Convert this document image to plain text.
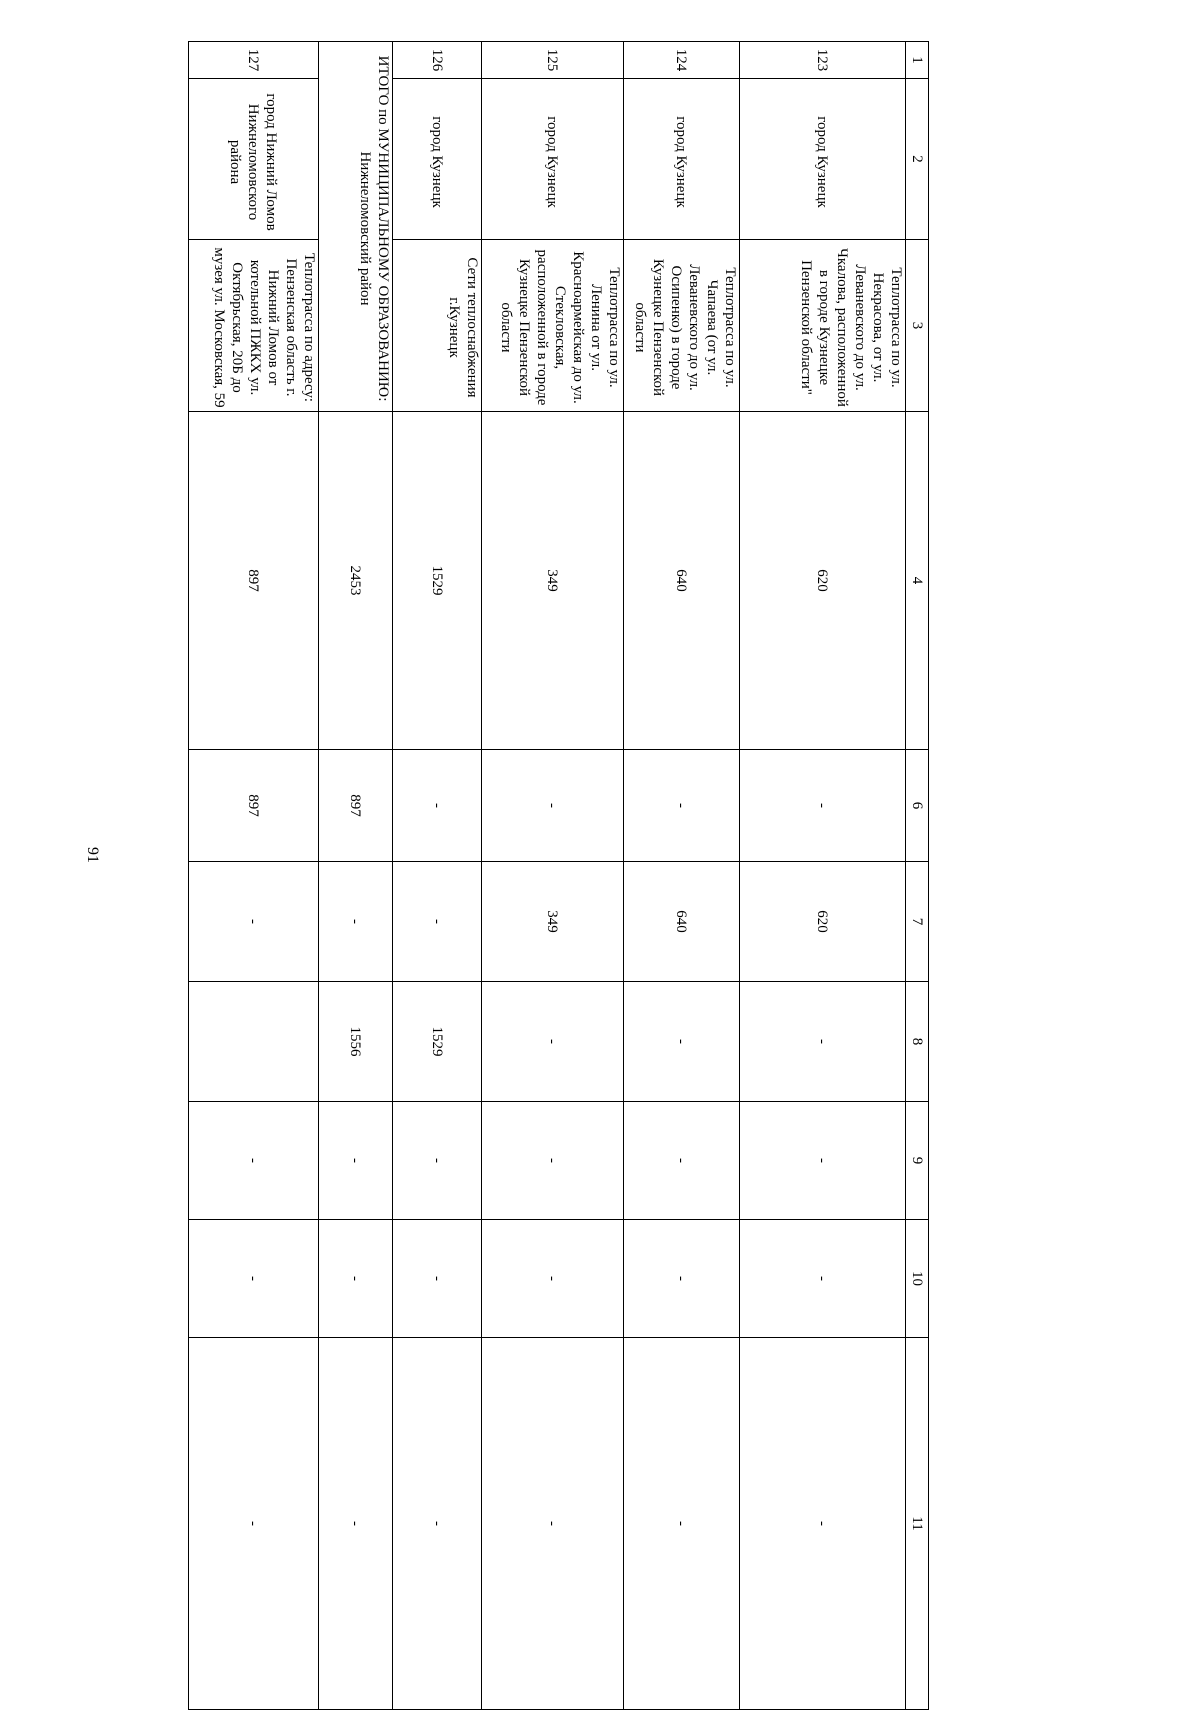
91
1	2	3	4	6	7	8	9	10	11
123	город Кузнецк	Теплотрасса по ул. Некрасова, от ул. Леваневского до ул. Чкалова, расположенной в городе Кузнецке Пензенской области"	620	-	620	-	-	-	-
124	город Кузнецк	Теплотрасса по ул. Чапаева (от ул. Леваневского до ул. Осипенко) в городе Кузнецке Пензенской области	640	-	640	-	-	-	-
125	город Кузнецк	Теплотрасса по ул. Ленина от ул. Красноармейская до ул. Стекловская, расположенной в городе Кузнецке Пензенской области	349	-	349	-	-	-	-
126	город Кузнецк	Сети теплоснабжения г.Кузнецк	1529	-	-	1529	-	-	-
ИТОГО по МУНИЦИПАЛЬНОМУ ОБРАЗОВАНИЮ: Нижнеломовский район			2453	897	-	1556	-	-	-
127	город Нижний Ломов Нижнеломовского района	Теплотрасса по адресу: Пензенская область г. Нижний Ломов от котельной ПЖКХ ул. Октябрьская, 20Б до музея ул. Московская, 59	897	897	-		-	-	-
